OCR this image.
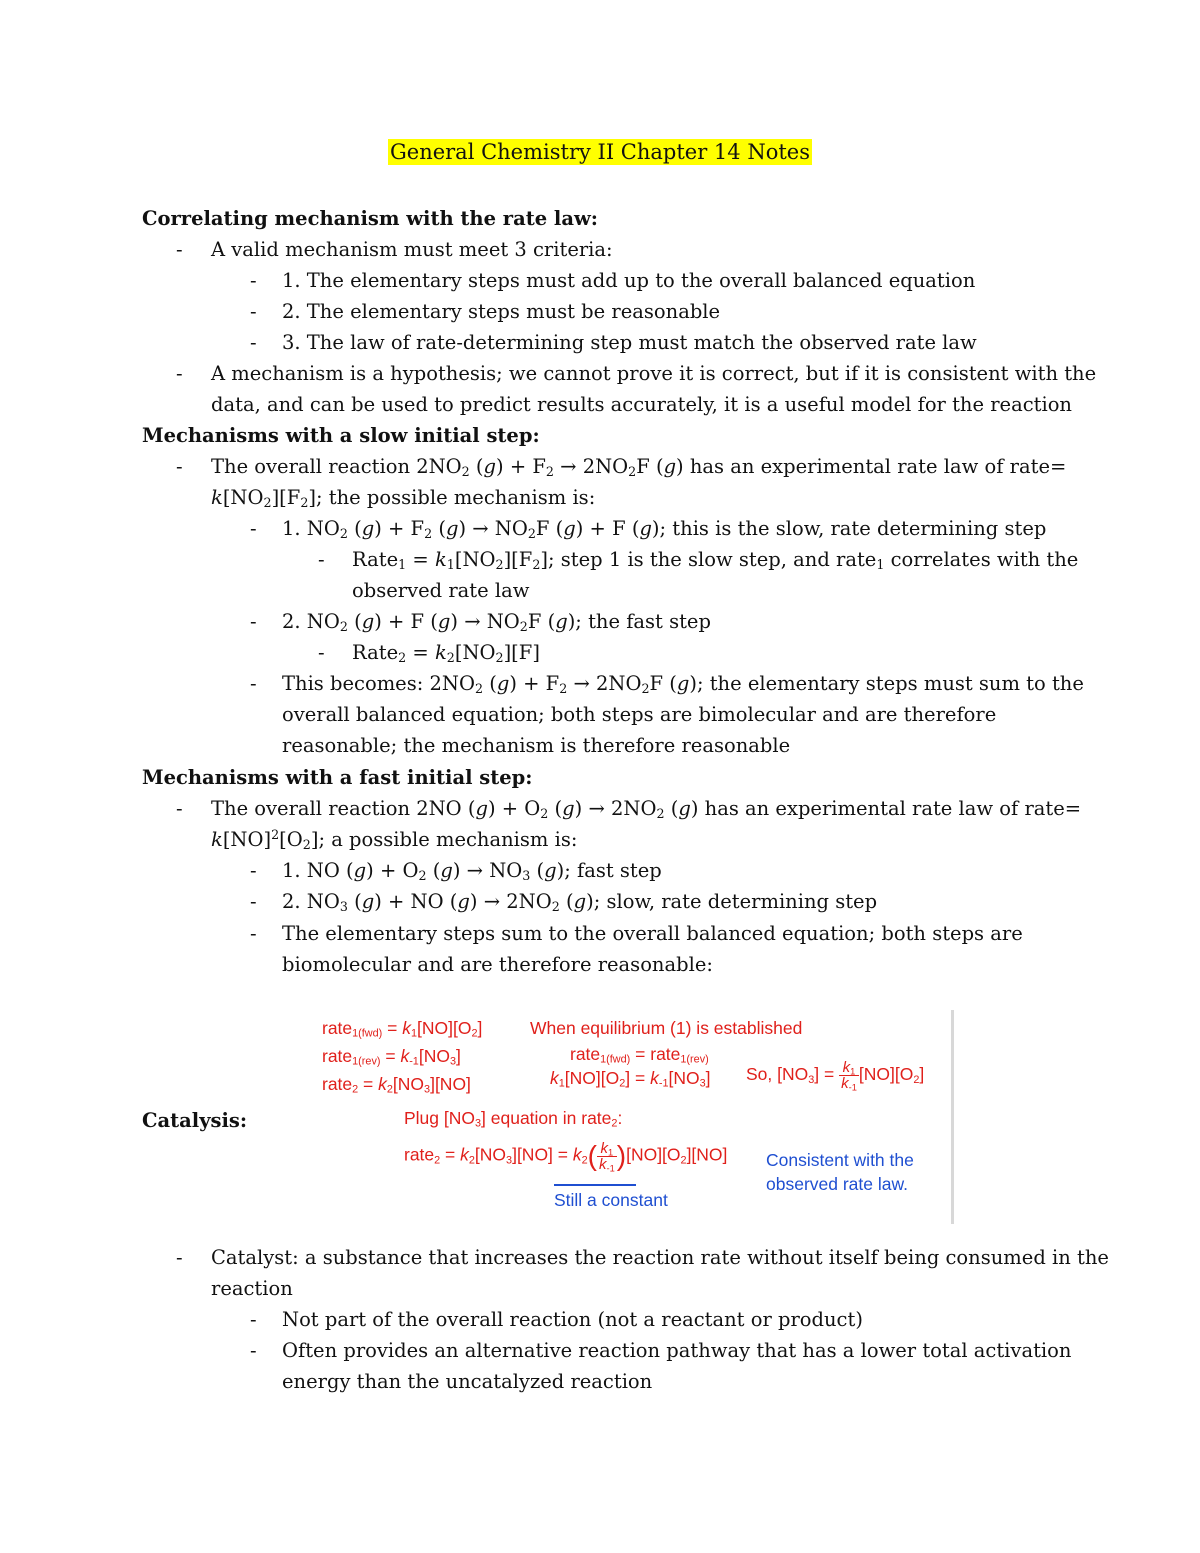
General Chemistry II Chapter 14 Notes
Correlating mechanism with the rate law:
- A valid mechanism must meet 3 criteria:
- 1. The elementary steps must add up to the overall balanced equation
- 2. The elementary steps must be reasonable
- 3. The law of rate-determining step must match the observed rate law
- A mechanism is a hypothesis; we cannot prove it is correct, but if it is consistent with the
data, and can be used to predict results accurately, it is a useful model for the reaction
Mechanisms with a slow initial step:
- The overall reaction $2NO_2$ $(g) + F_2 \to 2NO_2F$ (g) has an experimental rate law of rate=
$k[NO_2][F_2]$; the possible mechanism is:
- 1. $NO_2$ $(g) + F_2$ $(g) \to NO_2F$ (g) + F (g); this is the slow, rate determining step
- Rate$_1$ = $k_1[NO_2][F_2]$; step 1 is the slow step, and rate$_1$ correlates with the
observed rate law
- 2. $NO_2$ (g) + F $(g) \to NO_2F$ (g); the fast step
- Rate$_2$ = $k_2[NO_2][F]$
- This becomes: $2NO_2$ $(g) + F_2 \to 2NO_2F$ (g); the elementary steps must sum to the
overall balanced equation; both steps are bimolecular and are therefore
reasonable; the mechanism is therefore reasonable
Mechanisms with a fast initial step:
- The overall reaction 2NO $(g) + O_2$ $(g) \to 2NO_2$ (g) has an experimental rate law of rate=
$k[NO]^2[O_2]$; a possible mechanism is:
- 1. NO $(g) + O_2$ $(g) \to NO_3$ (g); fast step
- 2. $NO_3$ (g) + NO $(g) \to 2NO_2$ (g); slow, rate determining step
- The elementary steps sum to the overall balanced equation; both steps are
biomolecular and are therefore reasonable:
Catalysis:
rate$_{1(fwd)}$ = $k_1[NO][O_2]$
rate$_{1(rev)}$ = $k_{-1}[NO_3]$
rate$_2$ = $k_2[NO_3][NO]$
When equilibrium (1) is established
rate$_{1(fwd)}$ = rate$_{1(rev)}$
$k_1[NO][O_2] = k_{-1}[NO_3]$ So, $[NO_3] = \frac{k_1}{k_{-1}} [NO][O_2]$
Plug $[NO_3]$ equation in rate$_2$:
rate$_2$ = $k_2[NO_3][NO] = k_2( \frac{k_1}{k_{-1}} )[NO][O_2][NO]$
Still a constant
Consistent with the
observed rate law.
- Catalyst: a substance that increases the reaction rate without itself being consumed in the
reaction
- Not part of the overall reaction (not a reactant or product)
- Often provides an alternative reaction pathway that has a lower total activation
energy than the uncatalyzed reaction
